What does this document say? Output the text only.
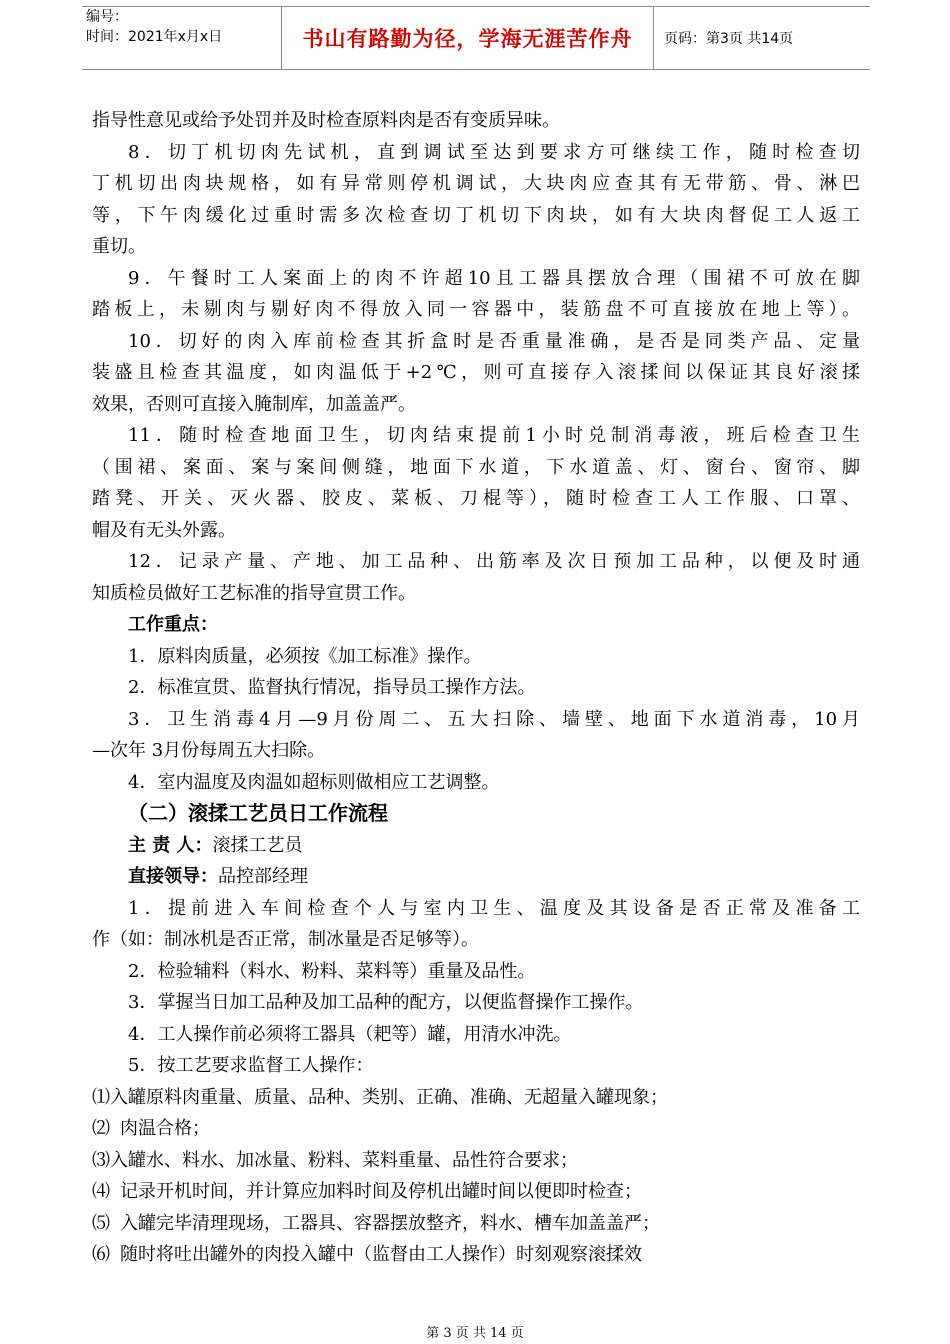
编号：
时间：2021年x月x日	书山有路勤为径，学海无涯苦作舟	页码：第3页 共14页
指导性意见或给予处罚并及时检查原料肉是否有变质异味。
8．切丁机切肉先试机，直到调试至达到要求方可继续工作，随时检查切
丁机切出肉块规格，如有异常则停机调试，大块肉应查其有无带筋、骨、淋巴
等，下午肉缓化过重时需多次检查切丁机切下肉块，如有大块肉督促工人返工
重切。
9．午餐时工人案面上的肉不许超10且工器具摆放合理（围裙不可放在脚
踏板上，未剔肉与剔好肉不得放入同一容器中，装筋盘不可直接放在地上等）。
10．切好的肉入库前检查其折盒时是否重量准确，是否是同类产品、定量
装盛且检查其温度，如肉温低于+2℃，则可直接存入滚揉间以保证其良好滚揉
效果，否则可直接入腌制库，加盖盖严。
11．随时检查地面卫生，切肉结束提前1小时兑制消毒液，班后检查卫生
（围裙、案面、案与案间侧缝，地面下水道，下水道盖、灯、窗台、窗帘、脚
踏凳、开关、灭火器、胶皮、菜板、刀棍等），随时检查工人工作服、口罩、
帽及有无头外露。
12．记录产量、产地、加工品种、出筋率及次日预加工品种，以便及时通
知质检员做好工艺标准的指导宣贯工作。
工作重点：
1．原料肉质量，必须按《加工标准》操作。
2．标准宣贯、监督执行情况，指导员工操作方法。
3．卫生消毒4月—9月份周二、五大扫除、墙壁、地面下水道消毒，10月
—次年 3月份每周五大扫除。
4．室内温度及肉温如超标则做相应工艺调整。
（二）滚揉工艺员日工作流程
主 责 人：滚揉工艺员
直接领导：品控部经理
1．提前进入车间检查个人与室内卫生、温度及其设备是否正常及准备工
作（如：制冰机是否正常，制冰量是否足够等）。
2．检验辅料（料水、粉料、菜料等）重量及品性。
3．掌握当日加工品种及加工品种的配方，以便监督操作工操作。
4．工人操作前必须将工器具（耙等）罐，用清水冲洗。
5．按工艺要求监督工人操作：
⑴入罐原料肉重量、质量、品种、类别、正确、准确、无超量入罐现象；
⑵ 肉温合格；
⑶入罐水、料水、加冰量、粉料、菜料重量、品性符合要求；
⑷ 记录开机时间，并计算应加料时间及停机出罐时间以便即时检查；
⑸ 入罐完毕清理现场，工器具、容器摆放整齐，料水、槽车加盖盖严；
⑹ 随时将吐出罐外的肉投入罐中（监督由工人操作）时刻观察滚揉效
第 3 页 共 14 页
